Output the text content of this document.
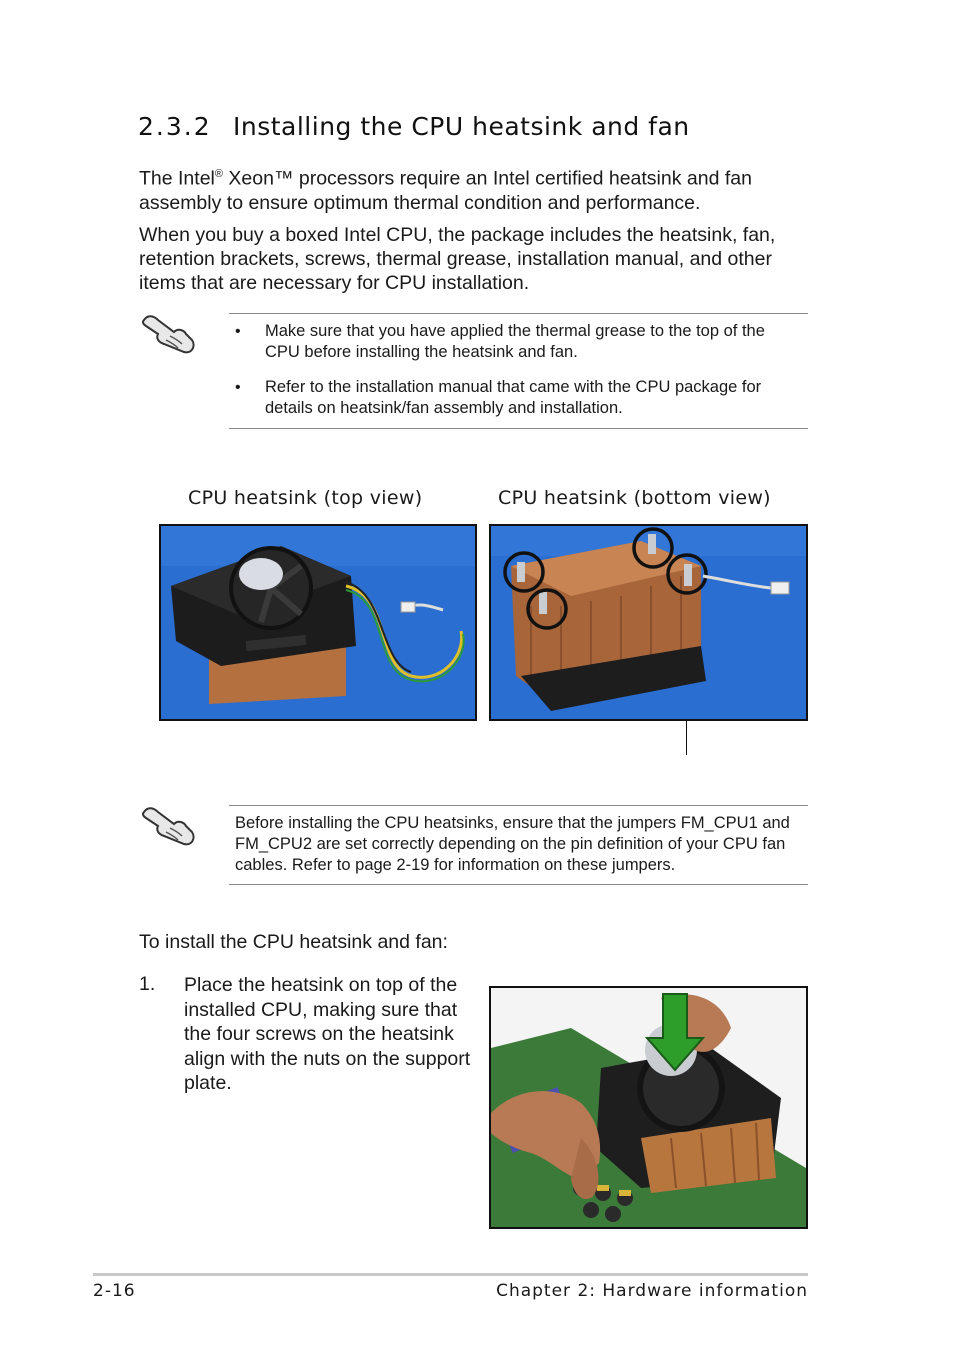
2.3.2 Installing the CPU heatsink and fan
The Intel® Xeon™ processors require an Intel certified heatsink and fan assembly to ensure optimum thermal condition and performance.
When you buy a boxed Intel CPU, the package includes the heatsink, fan, retention brackets, screws, thermal grease, installation manual, and other items that are necessary for CPU installation.
• Make sure that you have applied the thermal grease to the top of the CPU before installing the heatsink and fan.
• Refer to the installation manual that came with the CPU package for details on heatsink/fan assembly and installation.
CPU heatsink (top view)	CPU heatsink (bottom view)
Before installing the CPU heatsinks, ensure that the jumpers FM_CPU1 and FM_CPU2 are set correctly depending on the pin definition of your CPU fan cables. Refer to page 2-19 for information on these jumpers.
To install the CPU heatsink and fan:
1. Place the heatsink on top of the installed CPU, making sure that the four screws on the heatsink align with the nuts on the support plate.
2-16	Chapter 2: Hardware information
